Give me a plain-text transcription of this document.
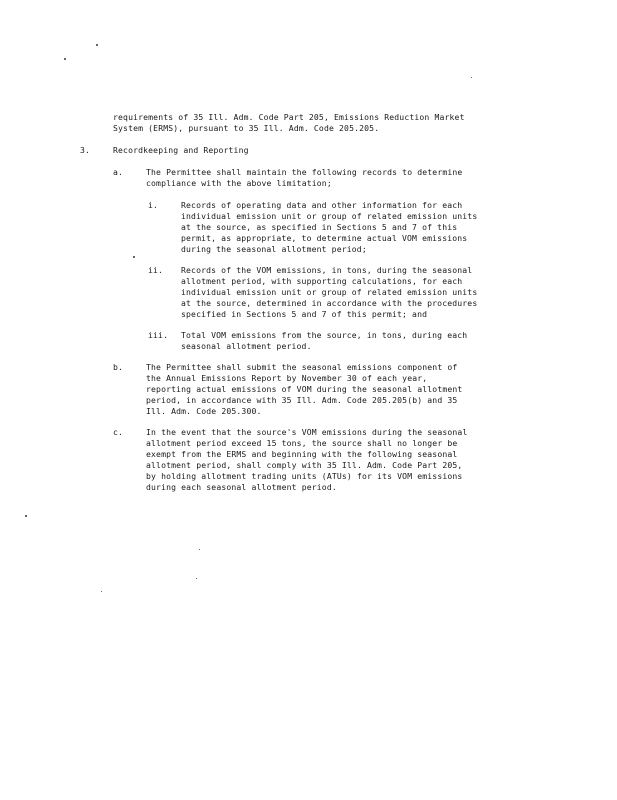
requirements of 35 Ill. Adm. Code Part 205, Emissions Reduction Market
System (ERMS), pursuant to 35 Ill. Adm. Code 205.205.
3.	Recordkeeping and Reporting
a.	The Permittee shall maintain the following records to determine
compliance with the above limitation;
i.	Records of operating data and other information for each
individual emission unit or group of related emission units
at the source, as specified in Sections 5 and 7 of this
permit, as appropriate, to determine actual VOM emissions
during the seasonal allotment period;
ii. Records of the VOM emissions, in tons, during the seasonal
allotment period, with supporting calculations, for each
individual emission unit or group of related emission units
at the source, determined in accordance with the procedures
specified in Sections 5 and 7 of this permit; and
iii. Total VOM emissions from the source, in tons, during each
seasonal allotment period.
b.	The Permittee shall submit the seasonal emissions component of
the Annual Emissions Report by November 30 of each year,
reporting actual emissions of VOM during the seasonal allotment
period, in accordance with 35 Ill. Adm. Code 205.205(b) and 35
Ill. Adm. Code 205.300.
c.	In the event that the source's VOM emissions during the seasonal
allotment period exceed 15 tons, the source shall no longer be
exempt from the ERMS and beginning with the following seasonal
allotment period, shall comply with 35 Ill. Adm. Code Part 205,
by holding allotment trading units (ATUs) for its VOM emissions
during each seasonal allotment period.
